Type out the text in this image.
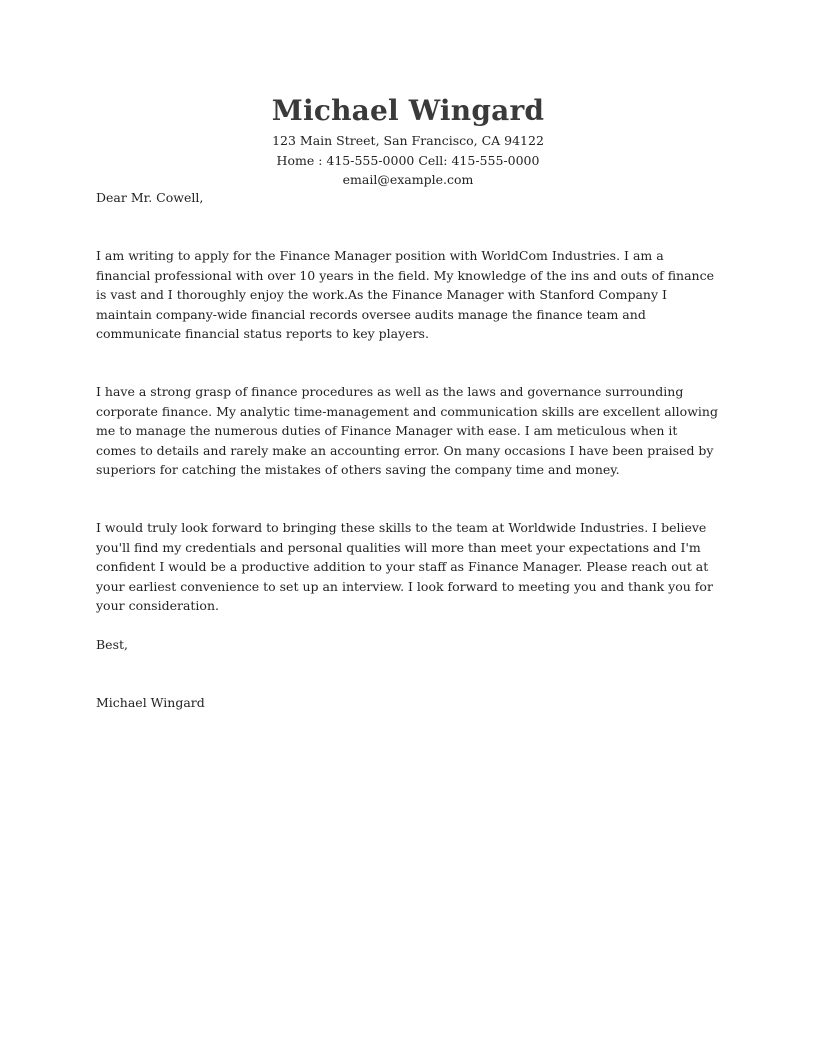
Michael Wingard

123 Main Street, San Francisco, CA 94122

Home : 415-555-0000 Cell: 415-555-0000

email@example.com

Dear Mr. Cowell,

I am writing to apply for the Finance Manager position with WorldCom Industries. I am a financial professional with over 10 years in the field. My knowledge of the ins and outs of finance is vast and I thoroughly enjoy the work.As the Finance Manager with Stanford Company I maintain company-wide financial records oversee audits manage the finance team and communicate financial status reports to key players.

I have a strong grasp of finance procedures as well as the laws and governance surrounding corporate finance. My analytic time-management and communication skills are excellent allowing me to manage the numerous duties of Finance Manager with ease. I am meticulous when it comes to details and rarely make an accounting error. On many occasions I have been praised by superiors for catching the mistakes of others saving the company time and money.

I would truly look forward to bringing these skills to the team at Worldwide Industries. I believe you'll find my credentials and personal qualities will more than meet your expectations and I'm confident I would be a productive addition to your staff as Finance Manager. Please reach out at your earliest convenience to set up an interview. I look forward to meeting you and thank you for your consideration.

Best,

Michael Wingard
